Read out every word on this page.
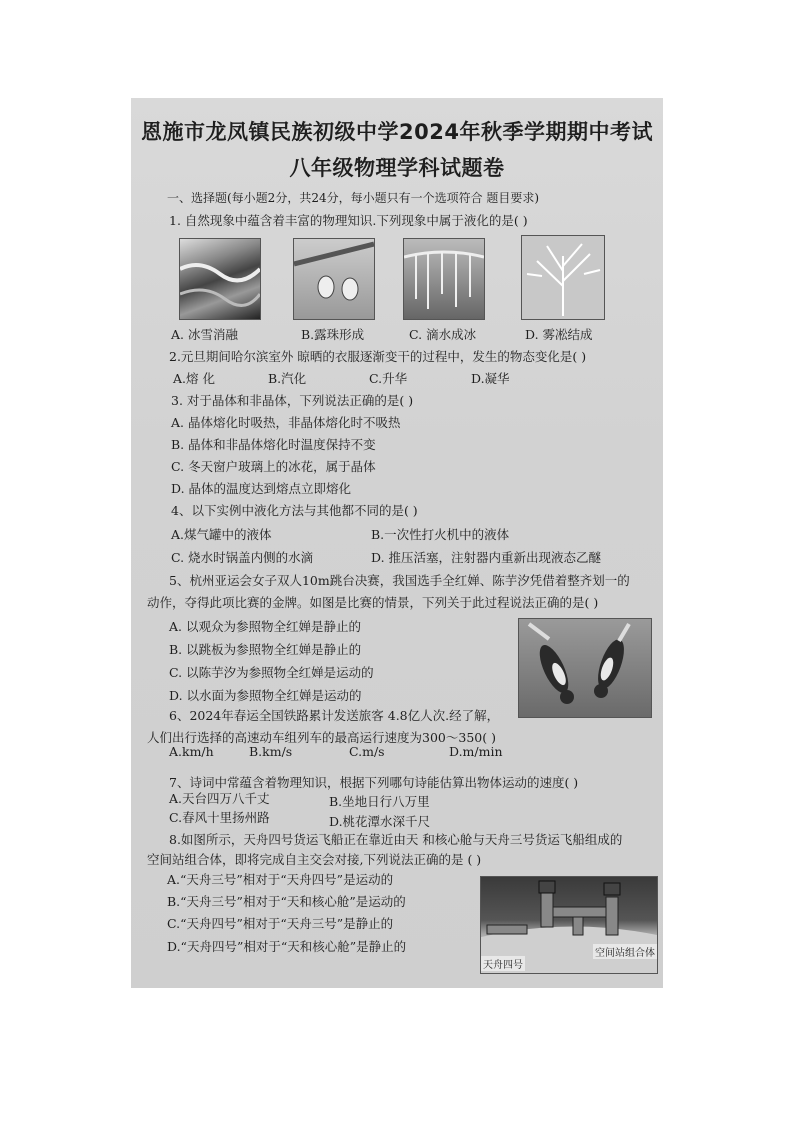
恩施市龙凤镇民族初级中学2024年秋季学期期中考试
八年级物理学科试题卷
一、选择题(每小题2分，共24分，每小题只有一个选项符合 题目要求)
1. 自然现象中蕴含着丰富的物理知识.下列现象中属于液化的是( )
A. 冰雪消融	B.露珠形成	C. 滴水成冰	D. 雾凇结成
2.元旦期间哈尔滨室外 晾晒的衣服逐渐变干的过程中，发生的物态变化是( )
A.熔 化	B.汽化	C.升华	D.凝华
3. 对于晶体和非晶体，下列说法正确的是( )
A. 晶体熔化时吸热，非晶体熔化时不吸热
B. 晶体和非晶体熔化时温度保持不变
C. 冬天窗户玻璃上的冰花，属于晶体
D. 晶体的温度达到熔点立即熔化
4、以下实例中液化方法与其他都不同的是( )
A.煤气罐中的液体	B.一次性打火机中的液体
C. 烧水时锅盖内侧的水滴	D. 推压活塞，注射器内重新出现液态乙醚
5、杭州亚运会女子双人10m跳台决赛，我国选手全红婵、陈芋汐凭借着整齐划一的
动作，夺得此项比赛的金牌。如图是比赛的情景，下列关于此过程说法正确的是( )
A. 以观众为参照物全红婵是静止的
B. 以跳板为参照物全红婵是静止的
C. 以陈芋汐为参照物全红婵是运动的
D. 以水面为参照物全红婵是运动的
6、2024年春运全国铁路累计发送旅客 4.8亿人次.经了解，
人们出行选择的高速动车组列车的最高运行速度为300～350( )
A.km/h	B.km/s	C.m/s	D.m/min
7、诗词中常蕴含着物理知识，根据下列哪句诗能估算出物体运动的速度( )
A.天台四万八千丈	B.坐地日行八万里
C.春风十里扬州路	D.桃花潭水深千尺
8.如图所示，天舟四号货运飞船正在靠近由天 和核心舱与天舟三号货运飞船组成的
空间站组合体，即将完成自主交会对接,下列说法正确的是 ( )
A.“天舟三号”相对于“天舟四号”是运动的
B.“天舟三号”相对于“天和核心舱”是运动的
C.“天舟四号”相对于“天舟三号”是静止的
D.“天舟四号”相对于“天和核心舱”是静止的
天舟四号
空间站组合体
